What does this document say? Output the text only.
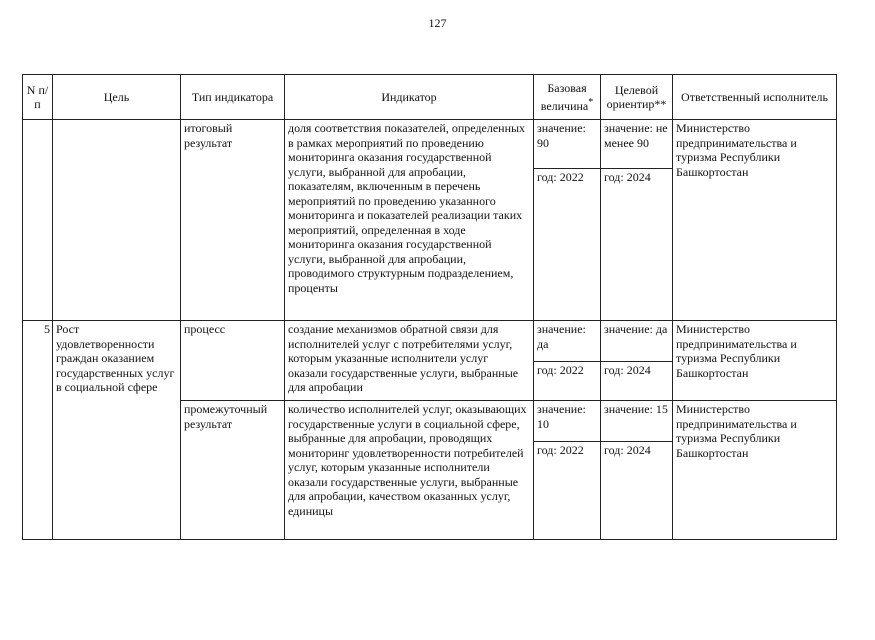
127
N п/п	Цель	Тип индикатора	Индикатор	Базовая величина*	Целевой ориентир**	Ответственный исполнитель
		итоговый результат	доля соответствия показателей, определенных в рамках мероприятий по проведению мониторинга оказания государственной услуги, выбранной для апробации, показателям, включенным в перечень мероприятий по проведению указанного мониторинга и показателей реализации таких мероприятий, определенная в ходе мониторинга оказания государственной услуги, выбранной для апробации, проводимого структурным подразделением, проценты	значение: 90	значение: не менее 90	Министерство предпринимательства и туризма Республики Башкортостан
				год: 2022	год: 2024	
5	Рост удовлетворенности граждан оказанием государственных услуг в социальной сфере	процесс	создание механизмов обратной связи для исполнителей услуг с потребителями услуг, которым указанные исполнители услуг оказали государственные услуги, выбранные для апробации	значение: да	значение: да	Министерство предпринимательства и туризма Республики Башкортостан
				год: 2022	год: 2024	
		промежуточный результат	количество исполнителей услуг, оказывающих государственные услуги в социальной сфере, выбранные для апробации, проводящих мониторинг удовлетворенности потребителей услуг, которым указанные исполнители оказали государственные услуги, выбранные для апробации, качеством оказанных услуг, единицы	значение: 10	значение: 15	Министерство предпринимательства и туризма Республики Башкортостан
				год: 2022	год: 2024	
